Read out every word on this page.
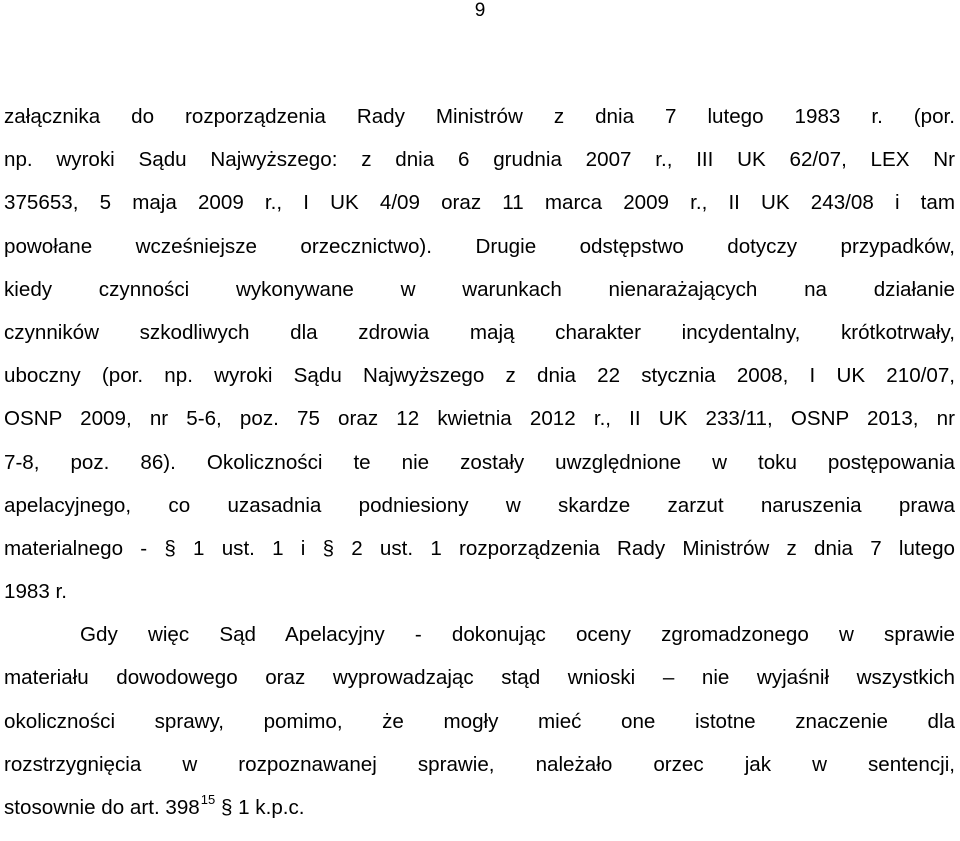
9
załącznika do rozporządzenia Rady Ministrów z dnia 7 lutego 1983 r. (por.
np. wyroki Sądu Najwyższego: z dnia 6 grudnia 2007 r., III UK 62/07, LEX Nr
375653, 5 maja 2009 r., I UK 4/09 oraz 11 marca 2009 r., II UK 243/08 i tam
powołane wcześniejsze orzecznictwo). Drugie odstępstwo dotyczy przypadków,
kiedy czynności wykonywane w warunkach nienarażających na działanie
czynników szkodliwych dla zdrowia mają charakter incydentalny, krótkotrwały,
uboczny (por. np. wyroki Sądu Najwyższego z dnia 22 stycznia 2008, I UK 210/07,
OSNP 2009, nr 5-6, poz. 75 oraz 12 kwietnia 2012 r., II UK 233/11, OSNP 2013, nr
7-8, poz. 86). Okoliczności te nie zostały uwzględnione w toku postępowania
apelacyjnego, co uzasadnia podniesiony w skardze zarzut naruszenia prawa
materialnego - § 1 ust. 1 i § 2 ust. 1 rozporządzenia Rady Ministrów z dnia 7 lutego
1983 r.
Gdy więc Sąd Apelacyjny - dokonując oceny zgromadzonego w sprawie
materiału dowodowego oraz wyprowadzając stąd wnioski – nie wyjaśnił wszystkich
okoliczności sprawy, pomimo, że mogły mieć one istotne znaczenie dla
rozstrzygnięcia w rozpoznawanej sprawie, należało orzec jak w sentencji,
stosownie do art. $398^{15}$ § 1 k.p.c.
